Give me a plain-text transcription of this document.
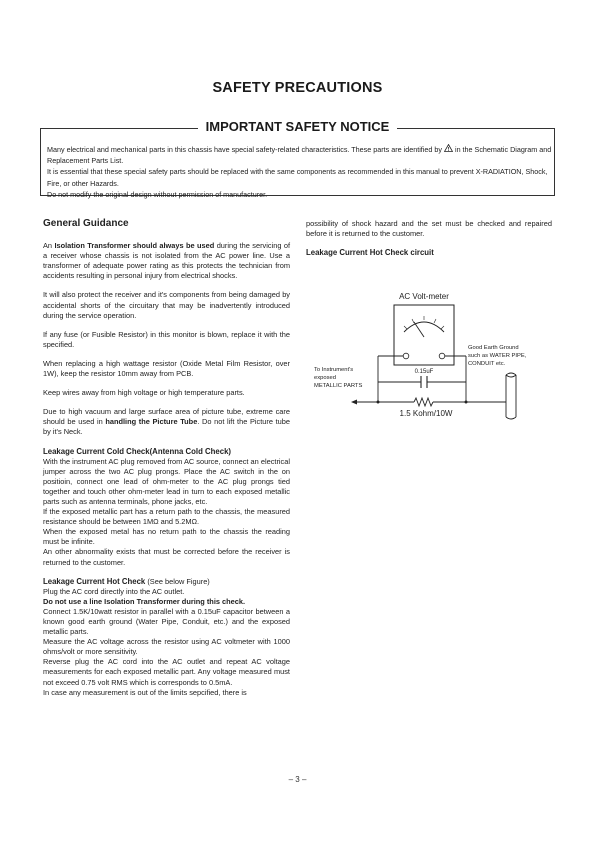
SAFETY PRECAUTIONS
IMPORTANT SAFETY NOTICE

Many electrical and mechanical parts in this chassis have special safety-related characteristics. These parts are identified by ! in the Schematic Diagram and Replacement Parts List.

It is essential that these special safety parts should be replaced with the same components as recommended in this manual to prevent X-RADIATION, Shock, Fire, or other Hazards.

Do not modify the original design without permission of manufacturer.

General Guidance

An Isolation Transformer should always be used during the servicing of a receiver whose chassis is not isolated from the AC power line. Use a transformer of adequate power rating as this protects the technician from accidents resulting in personal injury from electrical shocks.

It will also protect the receiver and it's components from being damaged by accidental shorts of the circuitary that may be inadvertently introduced during the service operation.

If any fuse (or Fusible Resistor) in this monitor is blown, replace it with the specified.

When replacing a high wattage resistor (Oxide Metal Film Resistor, over 1W), keep the resistor 10mm away from PCB.

Keep wires away from high voltage or high temperature parts.

Due to high vacuum and large surface area of picture tube, extreme care should be used in handling the Picture Tube. Do not lift the Picture tube by it's Neck.

Leakage Current Cold Check(Antenna Cold Check)

With the instrument AC plug removed from AC source, connect an electrical jumper across the two AC plug prongs. Place the AC switch in the on positioin, connect one lead of ohm-meter to the AC plug prongs tied together and touch other ohm-meter lead in turn to each exposed metallic parts such as antenna terminals, phone jacks, etc.

If the exposed metallic part has a return path to the chassis, the measured resistance should be between 1MΩ and 5.2MΩ.

When the exposed metal has no return path to the chassis the reading must be infinite.

An other abnormality exists that must be corrected before the receiver is returned to the customer.

Leakage Current Hot Check (See below Figure)

Plug the AC cord directly into the AC outlet.

Do not use a line Isolation Transformer during this check.

Connect 1.5K/10watt resistor in parallel with a 0.15uF capacitor between a known good earth ground (Water Pipe, Conduit, etc.) and the exposed metallic parts.

Measure the AC voltage across the resistor using AC voltmeter with 1000 ohms/volt or more sensitivity.

Reverse plug the AC cord into the AC outlet and repeat AC voltage measurements for each exposed metallic part. Any voltage measured must not exceed 0.75 volt RMS which is corresponds to 0.5mA.

In case any measurement is out of the limits sepcified, there is

possibility of shock hazard and the set must be checked and repaired before it is returned to the customer.

Leakage Current Hot Check circuit
AC Volt-meter
0.15uF
1.5 Kohm/10W
To Instrument's
exposed
METALLIC PARTS
Good Earth Ground
such as WATER PIPE,
CONDUIT etc.
– 3 –
